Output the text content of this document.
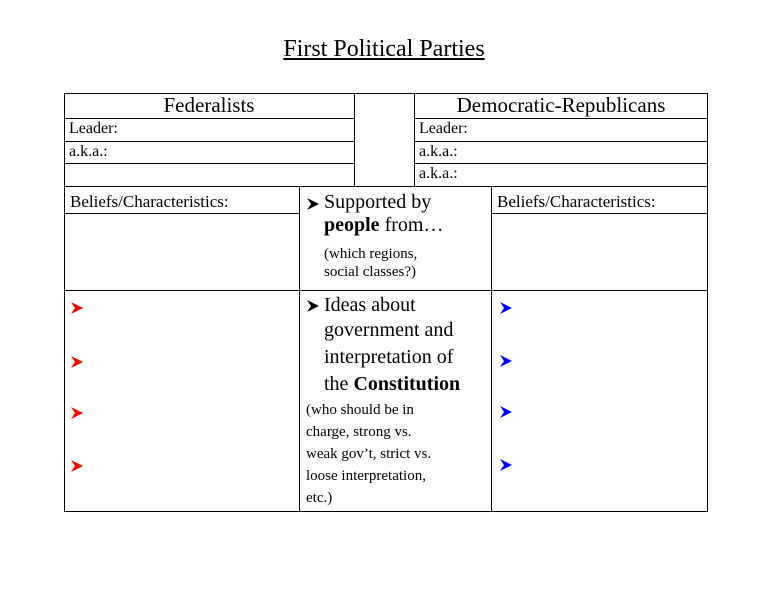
First Political Parties
Federalists	Democratic-Republicans
Leader:
a.k.a.:
Leader:
a.k.a.:
a.k.a.:
Beliefs/Characteristics:	Beliefs/Characteristics:
Supported by
people from…
(which regions,
social classes?)
Ideas about
government and
interpretation of
the Constitution
(who should be in
charge, strong vs.
weak gov’t, strict vs.
loose interpretation,
etc.)
